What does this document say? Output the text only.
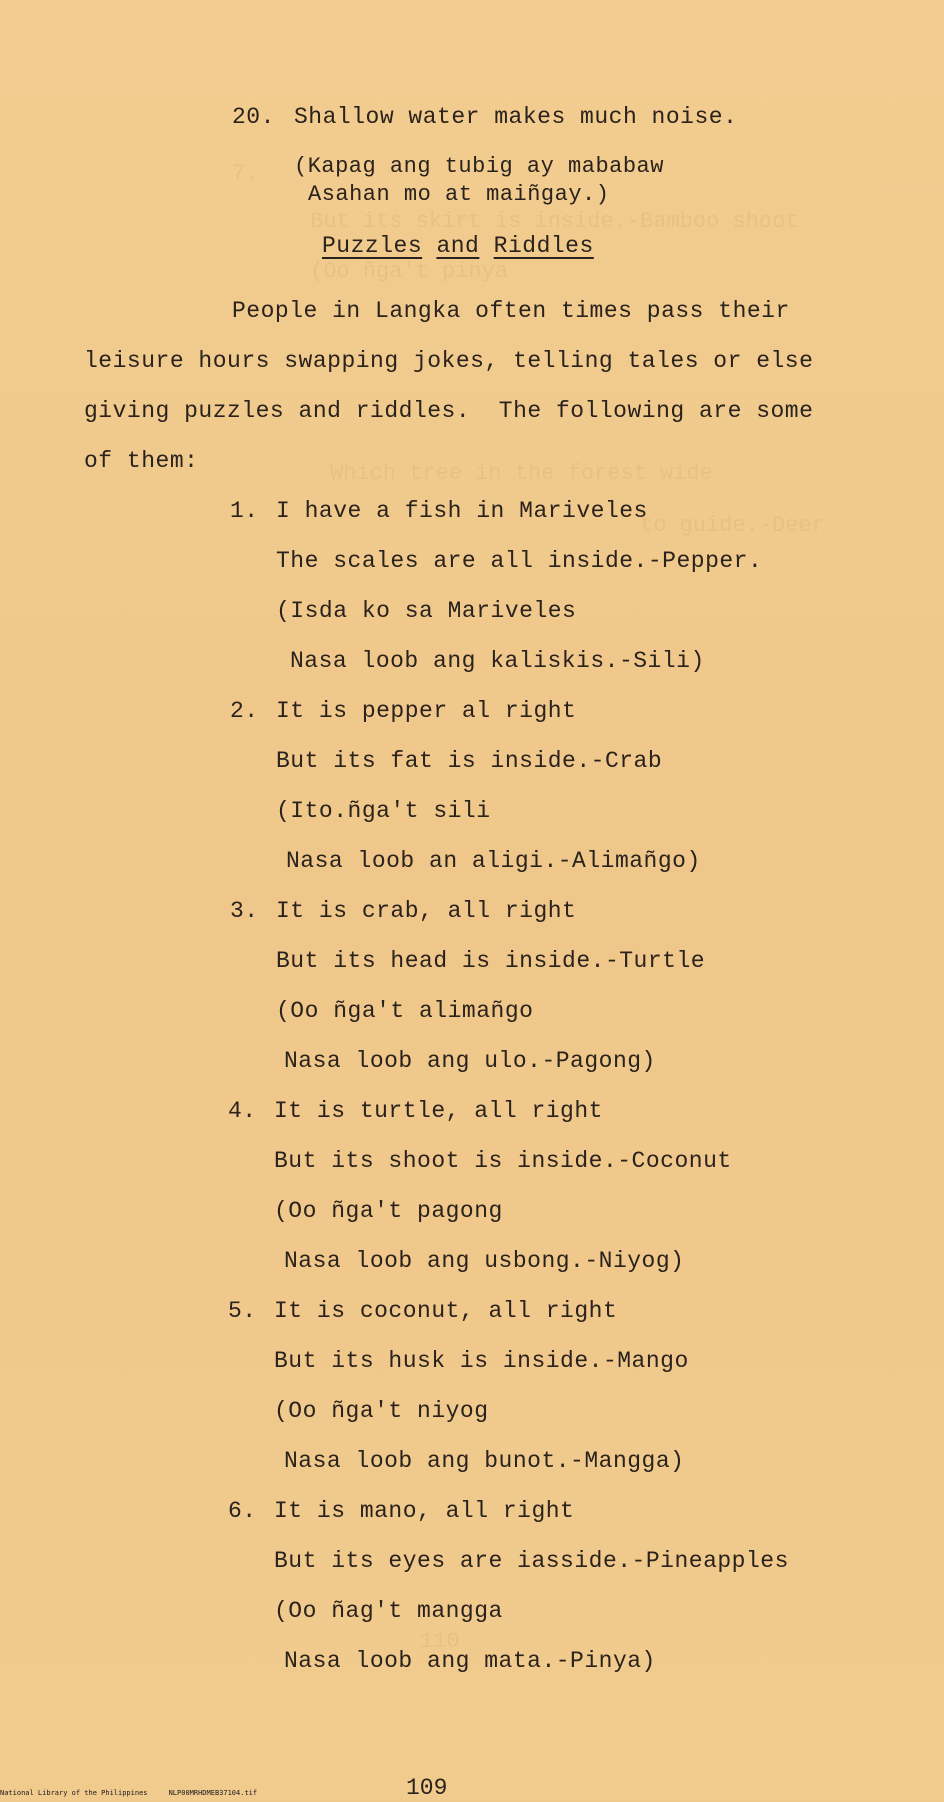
7.
But its skirt is inside.-Bamboo shoot
(Oo ñga't pinya
Which tree in the forest wide
to guide.-Deer
110
20. Shallow water makes much noise.
(Kapag ang tubig ay mababaw
Asahan mo at maiñgay.)
Puzzles and Riddles
People in Langka often times pass their
leisure hours swapping jokes, telling tales or else
giving puzzles and riddles.  The following are some
of them:
1. I have a fish in Mariveles
The scales are all inside.-Pepper.
(Isda ko sa Mariveles
Nasa loob ang kaliskis.-Sili)
2. It is pepper al right
But its fat is inside.-Crab
(Ito.ñga't sili
Nasa loob an aligi.-Alimañgo)
3. It is crab, all right
But its head is inside.-Turtle
(Oo ñga't alimañgo
Nasa loob ang ulo.-Pagong)
4. It is turtle, all right
But its shoot is inside.-Coconut
(Oo ñga't pagong
Nasa loob ang usbong.-Niyog)
5. It is coconut, all right
But its husk is inside.-Mango
(Oo ñga't niyog
Nasa loob ang bunot.-Mangga)
6. It is mano, all right
But its eyes are iasside.-Pineapples
(Oo ñag't mangga
Nasa loob ang mata.-Pinya)
109
National Library of the Philippines	NLP00MRHDMEB37104.tif
